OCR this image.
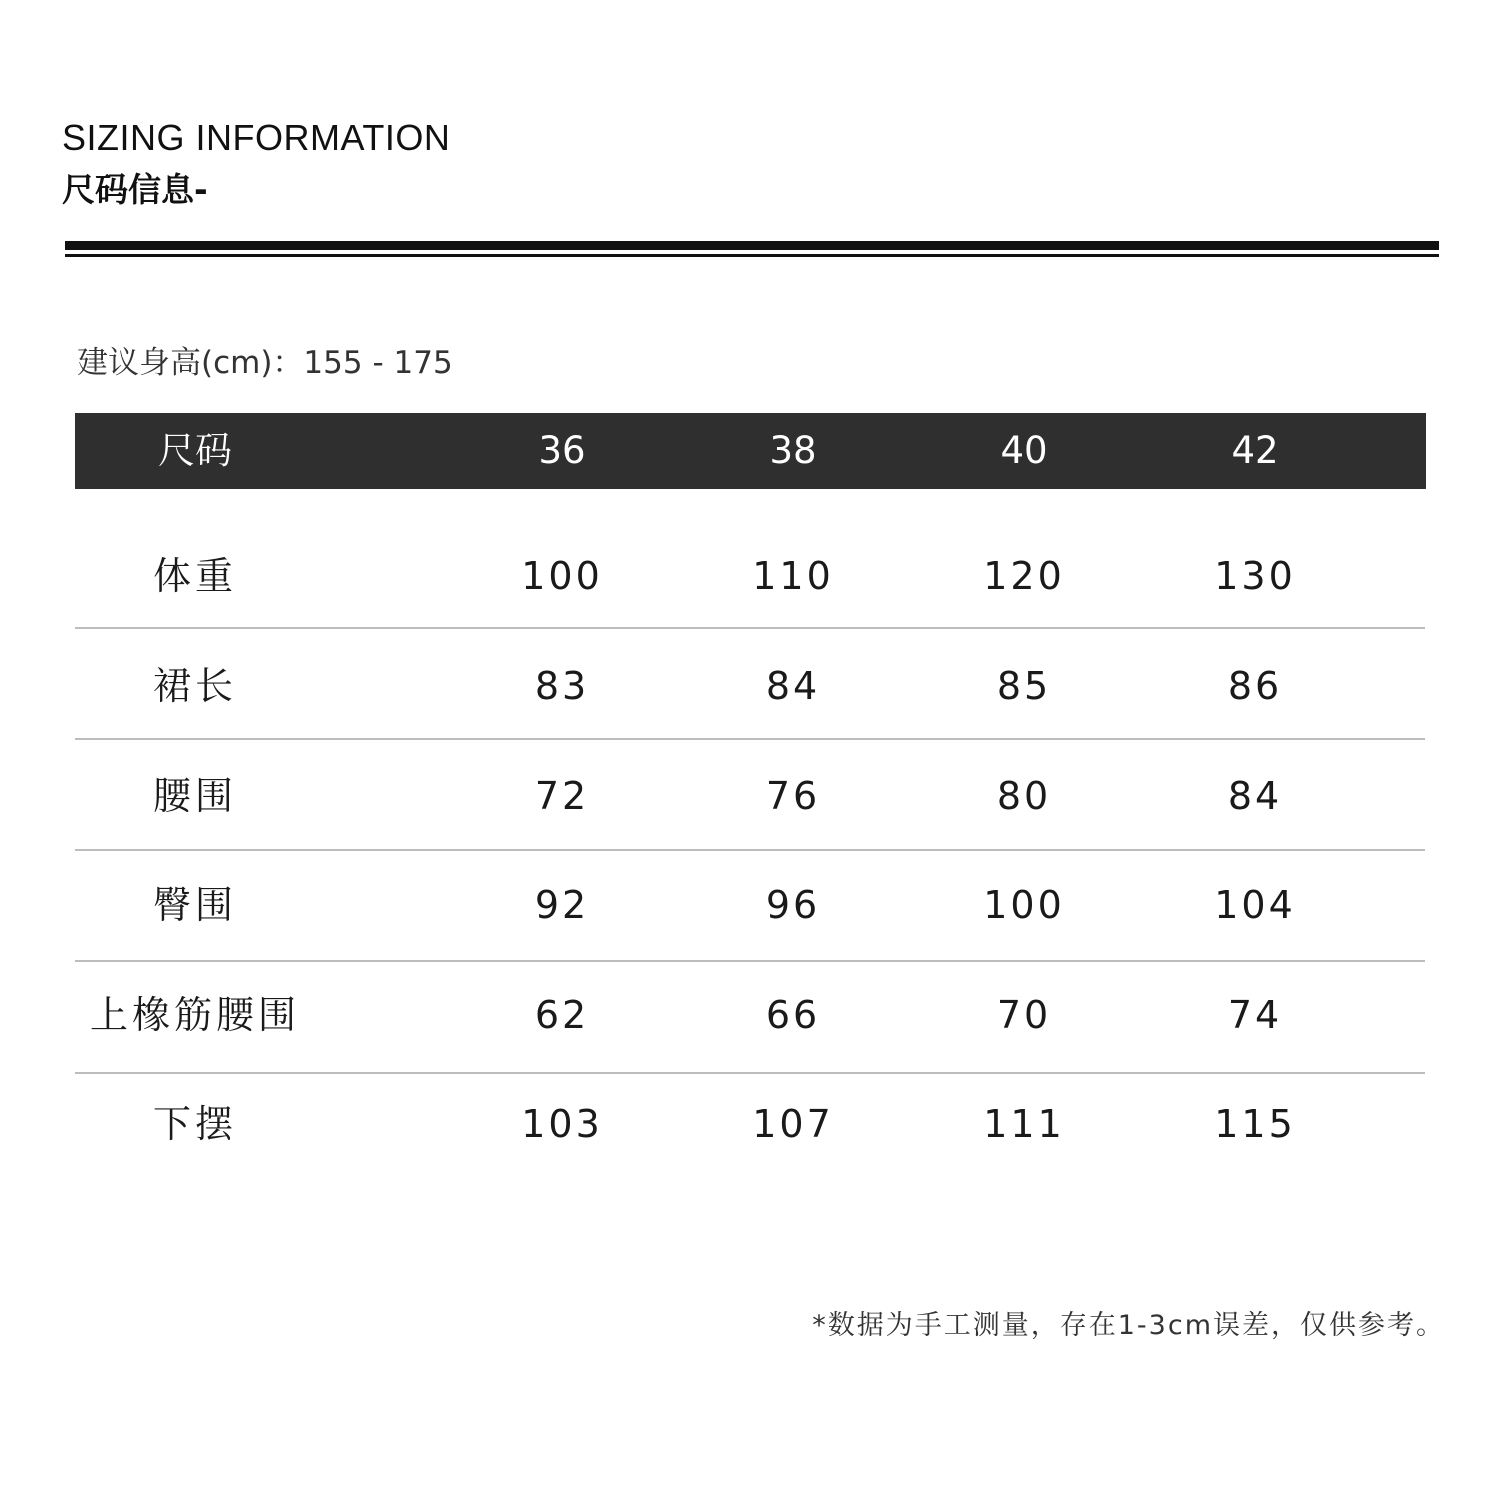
SIZING INFORMATION
尺码信息-
建议身高(cm)：155 - 175
尺码	36	38	40	42
体重	100	110	120	130
裙长	83	84	85	86
腰围	72	76	80	84
臀围	92	96	100	104
上橡筋腰围	62	66	70	74
下摆	103	107	111	115
*数据为手工测量，存在1-3cm误差，仅供参考。
